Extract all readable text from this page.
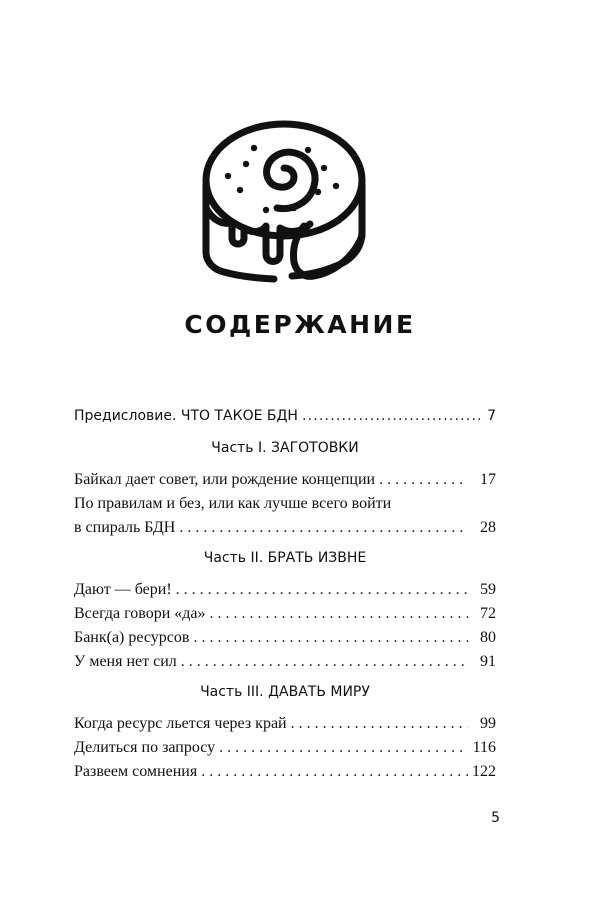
СОДЕРЖАНИЕ
Предисловие. ЧТО ТАКОЕ БДН .....	7
Часть I. ЗАГОТОВКИ
Байкал дает совет, или рождение концепции . . .	17
По правилам и без, или как лучше всего войти
в спираль БДН . . .	28
Часть II. БРАТЬ ИЗВНЕ
Дают — бери! . . .	59
Всегда говори «да» . . .	72
Банк(а) ресурсов . . .	80
У меня нет сил . . .	91
Часть III. ДАВАТЬ МИРУ
Когда ресурс льется через край . . .	99
Делиться по запросу . . .	116
Развеем сомнения . . .	122
5
